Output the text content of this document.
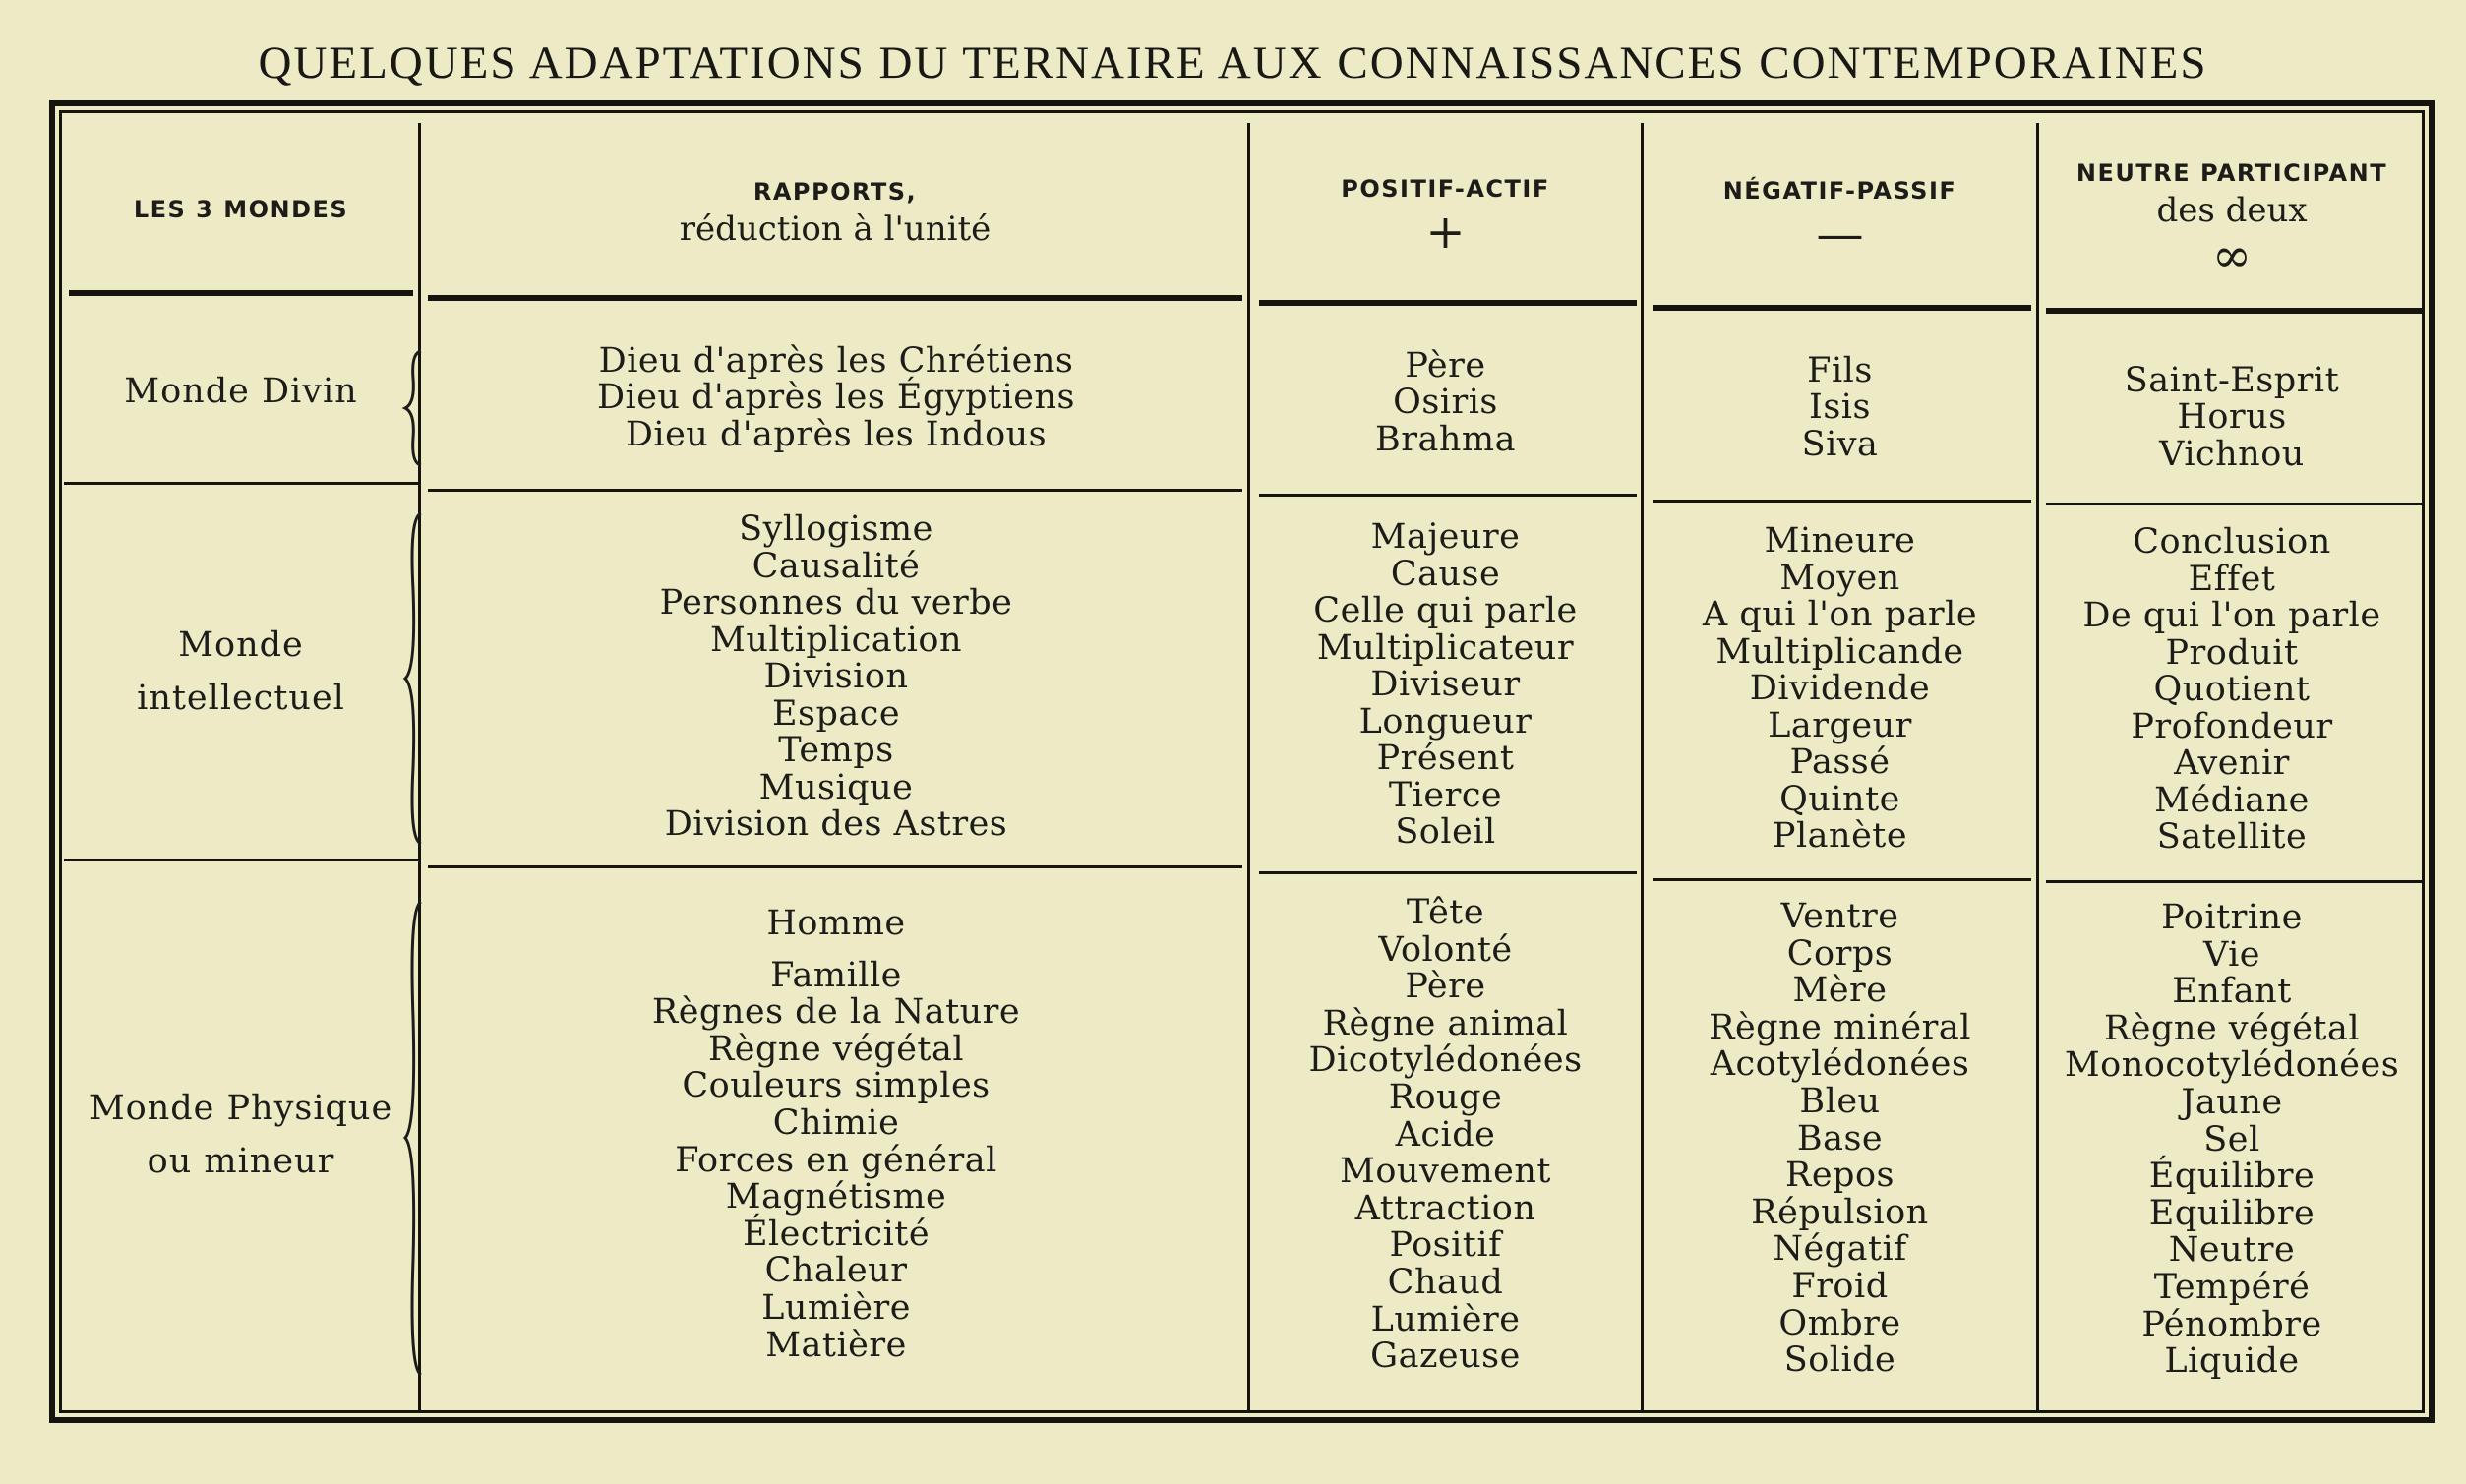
QUELQUES ADAPTATIONS DU TERNAIRE AUX CONNAISSANCES CONTEMPORAINES
LES 3 MONDES
RAPPORTS,
réduction à l'unité
POSITIF-ACTIF
+
NÉGATIF-PASSIF
—
NEUTRE PARTICIPANT
des deux
∞
Monde Divin
Dieu d'après les Chrétiens
Dieu d'après les Égyptiens
Dieu d'après les Indous
Père
Osiris
Brahma
Fils
Isis
Siva
Saint-Esprit
Horus
Vichnou
Monde
intellectuel
Syllogisme
Causalité
Personnes du verbe
Multiplication
Division
Espace
Temps
Musique
Division des Astres
Majeure
Cause
Celle qui parle
Multiplicateur
Diviseur
Longueur
Présent
Tierce
Soleil
Mineure
Moyen
A qui l'on parle
Multiplicande
Dividende
Largeur
Passé
Quinte
Planète
Conclusion
Effet
De qui l'on parle
Produit
Quotient
Profondeur
Avenir
Médiane
Satellite
Monde Physique
ou mineur
Homme
Famille
Règnes de la Nature
Règne végétal
Couleurs simples
Chimie
Forces en général
Magnétisme
Électricité
Chaleur
Lumière
Matière
Tête
Volonté
Père
Règne animal
Dicotylédonées
Rouge
Acide
Mouvement
Attraction
Positif
Chaud
Lumière
Gazeuse
Ventre
Corps
Mère
Règne minéral
Acotylédonées
Bleu
Base
Repos
Répulsion
Négatif
Froid
Ombre
Solide
Poitrine
Vie
Enfant
Règne végétal
Monocotylédonées
Jaune
Sel
Équilibre
Equilibre
Neutre
Tempéré
Pénombre
Liquide
